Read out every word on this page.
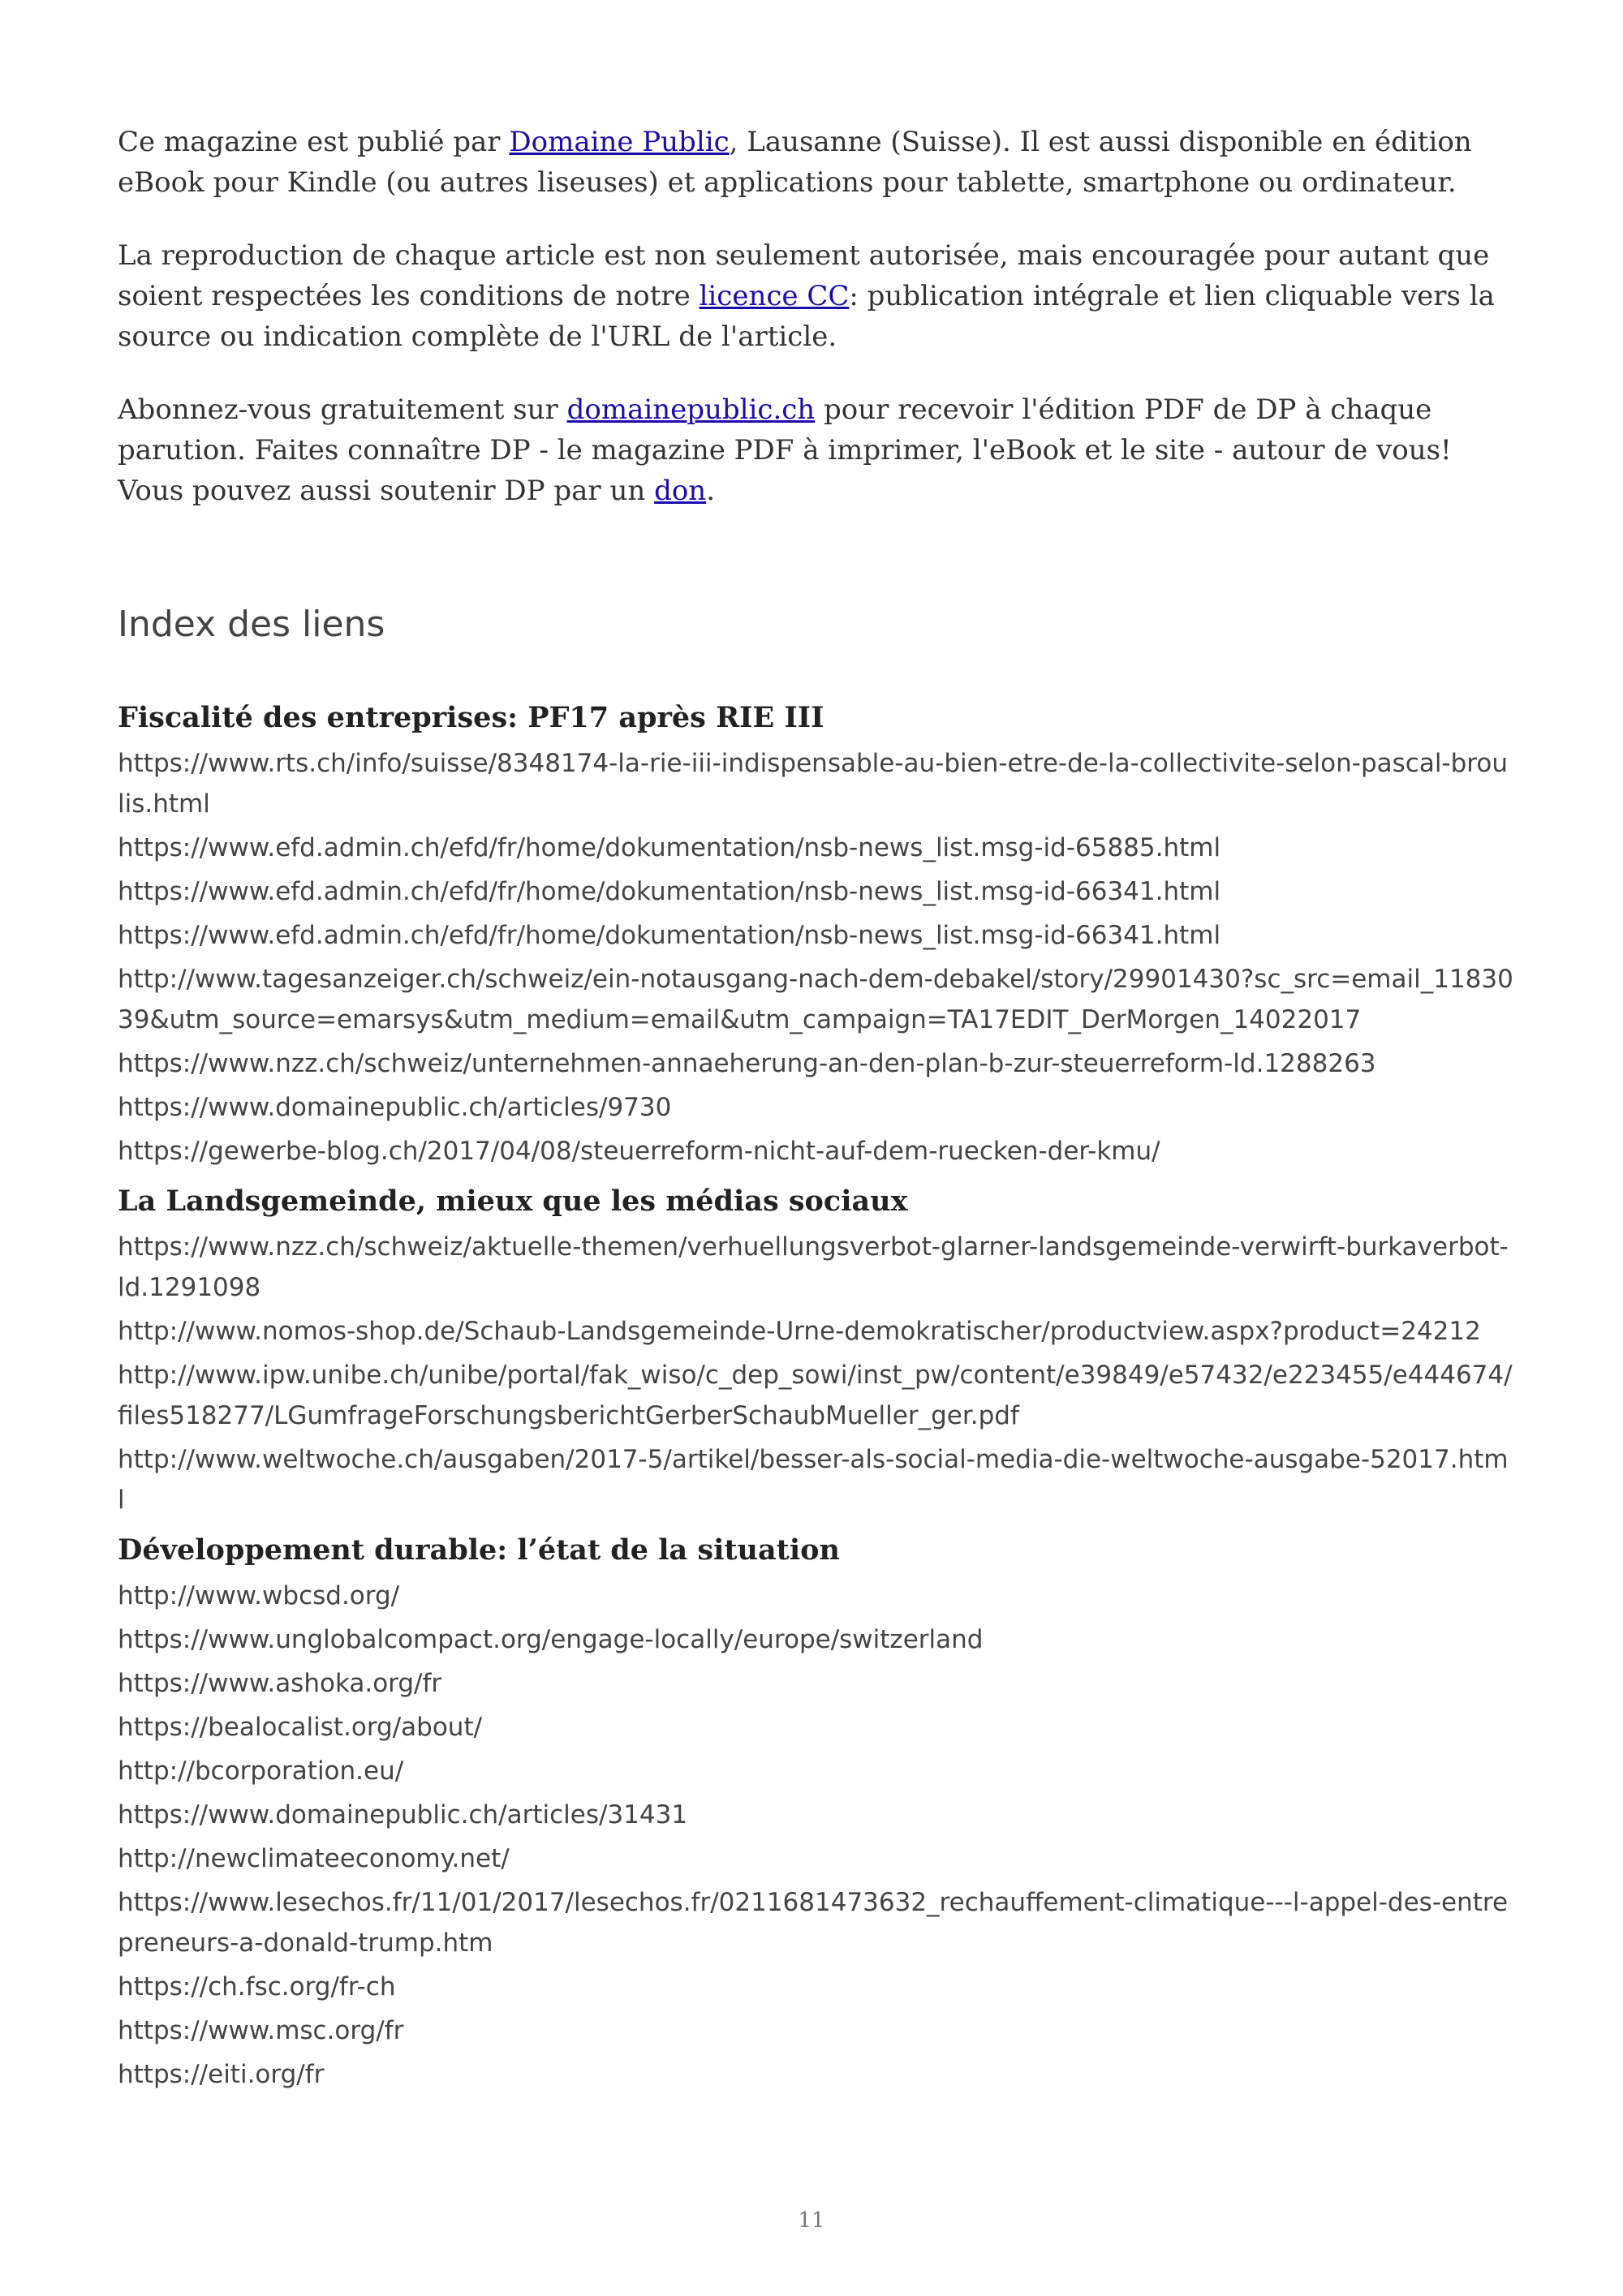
Ce magazine est publié par Domaine Public, Lausanne (Suisse). Il est aussi disponible en édition eBook pour Kindle (ou autres liseuses) et applications pour tablette, smartphone ou ordinateur.

La reproduction de chaque article est non seulement autorisée, mais encouragée pour autant que soient respectées les conditions de notre licence CC: publication intégrale et lien cliquable vers la source ou indication complète de l'URL de l'article.

Abonnez-vous gratuitement sur domainepublic.ch pour recevoir l'édition PDF de DP à chaque parution. Faites connaître DP - le magazine PDF à imprimer, l'eBook et le site - autour de vous! Vous pouvez aussi soutenir DP par un don.

Index des liens
Fiscalité des entreprises: PF17 après RIE III
https://www.rts.ch/info/suisse/8348174-la-rie-iii-indispensable-au-bien-etre-de-la-collectivite-selon-pascal-broulis.html
https://www.efd.admin.ch/efd/fr/home/dokumentation/nsb-news_list.msg-id-65885.html
https://www.efd.admin.ch/efd/fr/home/dokumentation/nsb-news_list.msg-id-66341.html
https://www.efd.admin.ch/efd/fr/home/dokumentation/nsb-news_list.msg-id-66341.html
http://www.tagesanzeiger.ch/schweiz/ein-notausgang-nach-dem-debakel/story/29901430?sc_src=email_1183039&utm_source=emarsys&utm_medium=email&utm_campaign=TA17EDIT_DerMorgen_14022017
https://www.nzz.ch/schweiz/unternehmen-annaeherung-an-den-plan-b-zur-steuerreform-ld.1288263
https://www.domainepublic.ch/articles/9730
https://gewerbe-blog.ch/2017/04/08/steuerreform-nicht-auf-dem-ruecken-der-kmu/
La Landsgemeinde, mieux que les médias sociaux
https://www.nzz.ch/schweiz/aktuelle-themen/verhuellungsverbot-glarner-landsgemeinde-verwirft-burkaverbot-ld.1291098
http://www.nomos-shop.de/Schaub-Landsgemeinde-Urne-demokratischer/productview.aspx?product=24212
http://www.ipw.unibe.ch/unibe/portal/fak_wiso/c_dep_sowi/inst_pw/content/e39849/e57432/e223455/e444674/files518277/LGumfrageForschungsberichtGerberSchaubMueller_ger.pdf
http://www.weltwoche.ch/ausgaben/2017-5/artikel/besser-als-social-media-die-weltwoche-ausgabe-52017.html
Développement durable: l’état de la situation
http://www.wbcsd.org/
https://www.unglobalcompact.org/engage-locally/europe/switzerland
https://www.ashoka.org/fr
https://bealocalist.org/about/
http://bcorporation.eu/
https://www.domainepublic.ch/articles/31431
http://newclimateeconomy.net/
https://www.lesechos.fr/11/01/2017/lesechos.fr/0211681473632_rechauffement-climatique---l-appel-des-entrepreneurs-a-donald-trump.htm
https://ch.fsc.org/fr-ch
https://www.msc.org/fr
https://eiti.org/fr
11
